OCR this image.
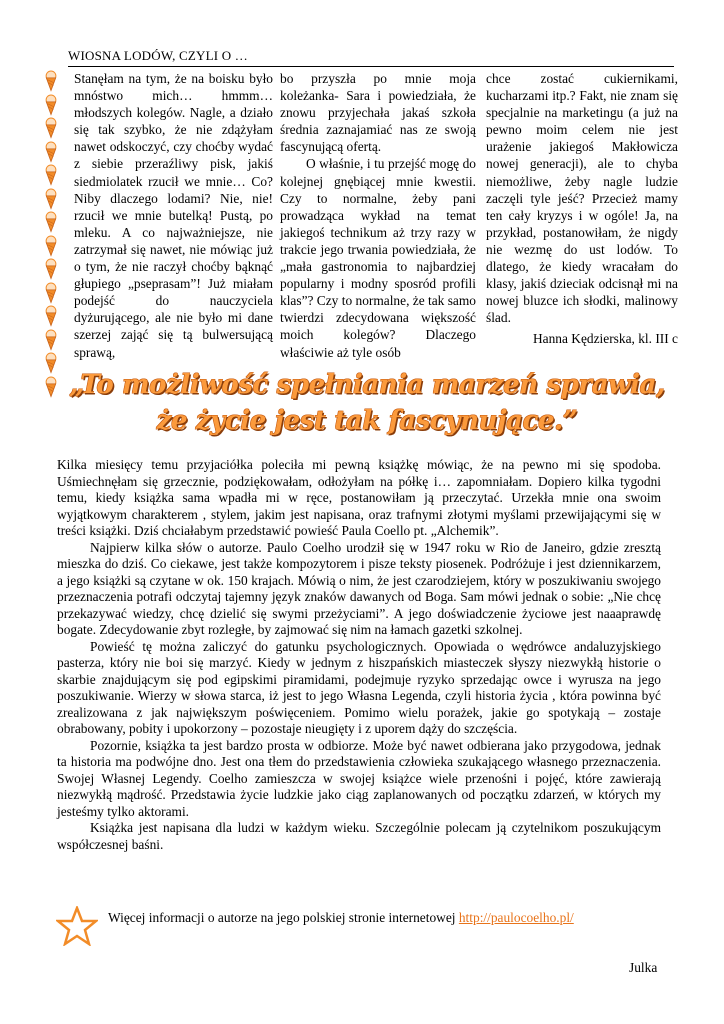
WIOSNA LODÓW, CZYLI O …

Stanęłam na tym, że na boisku było mnóstwo mich… hmmm… młodszych kolegów. Nagle, a działo się tak szybko, że nie zdążyłam nawet odskoczyć, czy choćby wydać z siebie przeraźliwy pisk, jakiś siedmiolatek rzucił we mnie… Co? Niby dlaczego lodami? Nie, nie! rzucił we mnie butelką! Pustą, po mleku. A co najważniejsze, nie zatrzymał się nawet, nie mówiąc już o tym, że nie raczył choćby bąknąć głupiego „pseprasam”! Już miałam podejść do nauczyciela dyżurującego, ale nie było mi dane szerzej zająć się tą bulwersującą sprawą,

bo przyszła po mnie moja koleżanka- Sara i powiedziała, że znowu przyjechała jakaś szkoła średnia zaznajamiać nas ze swoją fascynującą ofertą.

O właśnie, i tu przejść mogę do kolejnej gnębiącej mnie kwestii. Czy to normalne, żeby pani prowadząca wykład na temat jakiegoś technikum aż trzy razy w trakcie jego trwania powiedziała, że „mała gastronomia to najbardziej popularny i modny sposród profili klas”? Czy to normalne, że tak samo twierdzi zdecydowana większość moich kolegów? Dlaczego właściwie aż tyle osób

chce zostać cukiernikami, kucharzami itp.? Fakt, nie znam się specjalnie na marketingu (a już na pewno moim celem nie jest urażenie jakiegoś Makłowicza nowej generacji), ale to chyba niemożliwe, żeby nagle ludzie zaczęli tyle jeść? Przecież mamy ten cały kryzys i w ogóle! Ja, na przykład, postanowiłam, że nigdy nie wezmę do ust lodów. To dlatego, że kiedy wracałam do klasy, jakiś dzieciak odcisnął mi na nowej bluzce ich słodki, malinowy ślad.

Hanna Kędzierska, kl. III c

„To możliwość spełniania marzeń sprawia,
że życie jest tak fascynujące.”

Kilka miesięcy temu przyjaciółka poleciła mi pewną książkę mówiąc, że na pewno mi się spodoba. Uśmiechnęłam się grzecznie, podziękowałam, odłożyłam na półkę i… zapomniałam. Dopiero kilka tygodni temu, kiedy książka sama wpadła mi w ręce, postanowiłam ją przeczytać. Urzekła mnie ona swoim wyjątkowym charakterem , stylem, jakim jest napisana, oraz trafnymi złotymi myślami przewijającymi się w treści książki. Dziś chciałabym przedstawić powieść Paula Coello pt. „Alchemik”.

Najpierw kilka słów o autorze. Paulo Coelho urodził się w 1947 roku w Rio de Janeiro, gdzie zresztą mieszka do dziś. Co ciekawe, jest także kompozytorem i pisze teksty piosenek. Podróżuje i jest dziennikarzem, a jego książki są czytane w ok. 150 krajach. Mówią o nim, że jest czarodziejem, który w poszukiwaniu swojego przeznaczenia potrafi odczytaj tajemny język znaków dawanych od Boga. Sam mówi jednak o sobie: „Nie chcę przekazywać wiedzy, chcę dzielić się swymi przeżyciami”. A jego doświadczenie życiowe jest naaaprawdę bogate. Zdecydowanie zbyt rozległe, by zajmować się nim na łamach gazetki szkolnej.

Powieść tę można zaliczyć do gatunku psychologicznych. Opowiada o wędrówce andaluzyjskiego pasterza, który nie boi się marzyć. Kiedy w jednym z hiszpańskich miasteczek słyszy niezwykłą historie o skarbie znajdującym się pod egipskimi piramidami, podejmuje ryzyko sprzedając owce i wyrusza na jego poszukiwanie. Wierzy w słowa starca, iż jest to jego Własna Legenda, czyli historia życia , która powinna być zrealizowana z jak największym poświęceniem. Pomimo wielu porażek, jakie go spotykają – zostaje obrabowany, pobity i upokorzony – pozostaje nieugięty i z uporem dąży do szczęścia.

Pozornie, książka ta jest bardzo prosta w odbiorze. Może być nawet odbierana jako przygodowa, jednak ta historia ma podwójne dno. Jest ona tłem do przedstawienia człowieka szukającego własnego przeznaczenia. Swojej Własnej Legendy. Coelho zamieszcza w swojej książce wiele przenośni i pojęć, które zawierają niezwykłą mądrość. Przedstawia życie ludzkie jako ciąg zaplanowanych od początku zdarzeń, w których my jesteśmy tylko aktorami.

Książka jest napisana dla ludzi w każdym wieku. Szczególnie polecam ją czytelnikom poszukującym współczesnej baśni.

Więcej informacji o autorze na jego polskiej stronie internetowej http://paulocoelho.pl/
Julka
